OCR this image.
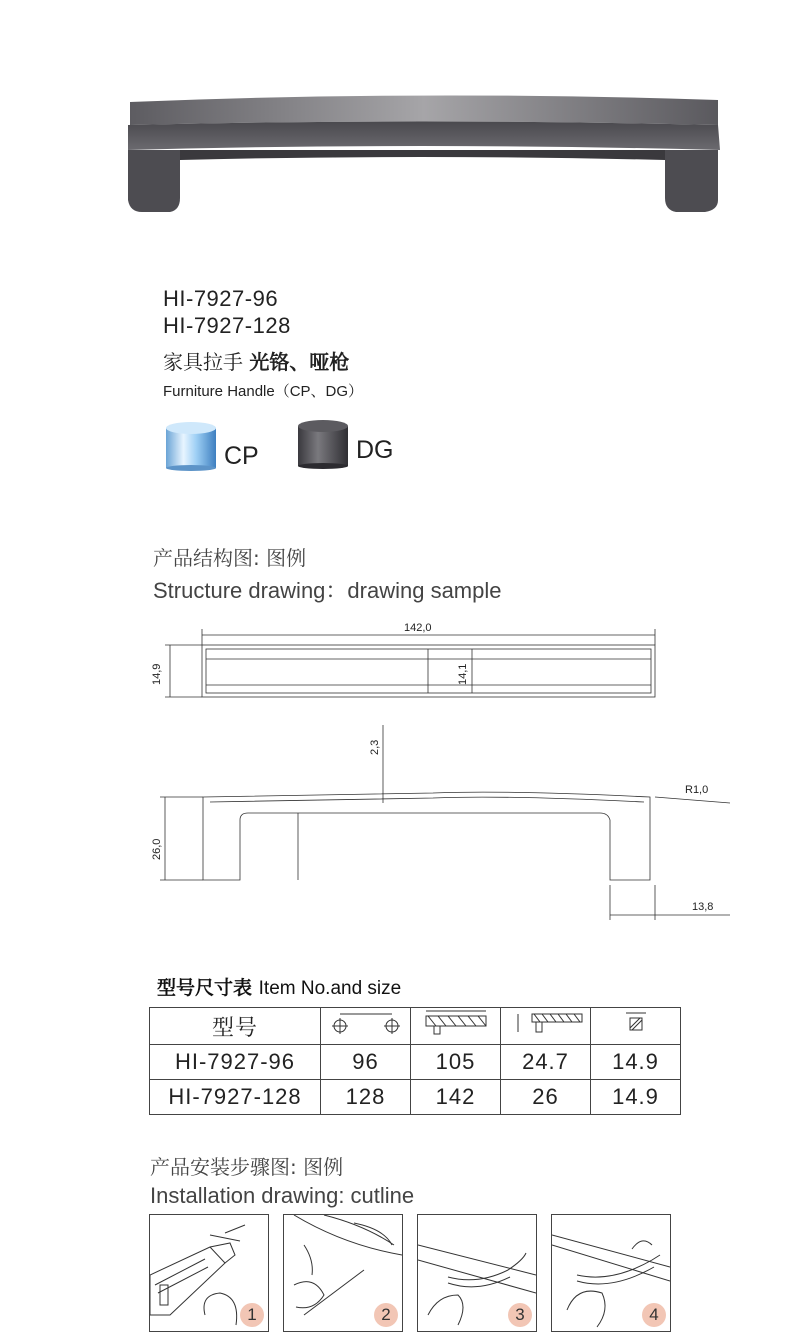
HI-7927-96
HI-7927-128
家具拉手 光铬、哑枪
Furniture Handle（CP、DG）
CP	DG
产品结构图: 图例
Structure drawing：drawing sample
142,0
14,9	14,1
2,3
R1,0
26,0
13,8
型号尺寸表 Item No.and size
型号				
HI-7927-96	96	105	24.7	14.9
HI-7927-128	128	142	26	14.9
产品安装步骤图: 图例
Installation drawing: cutline
1	2	3	4
